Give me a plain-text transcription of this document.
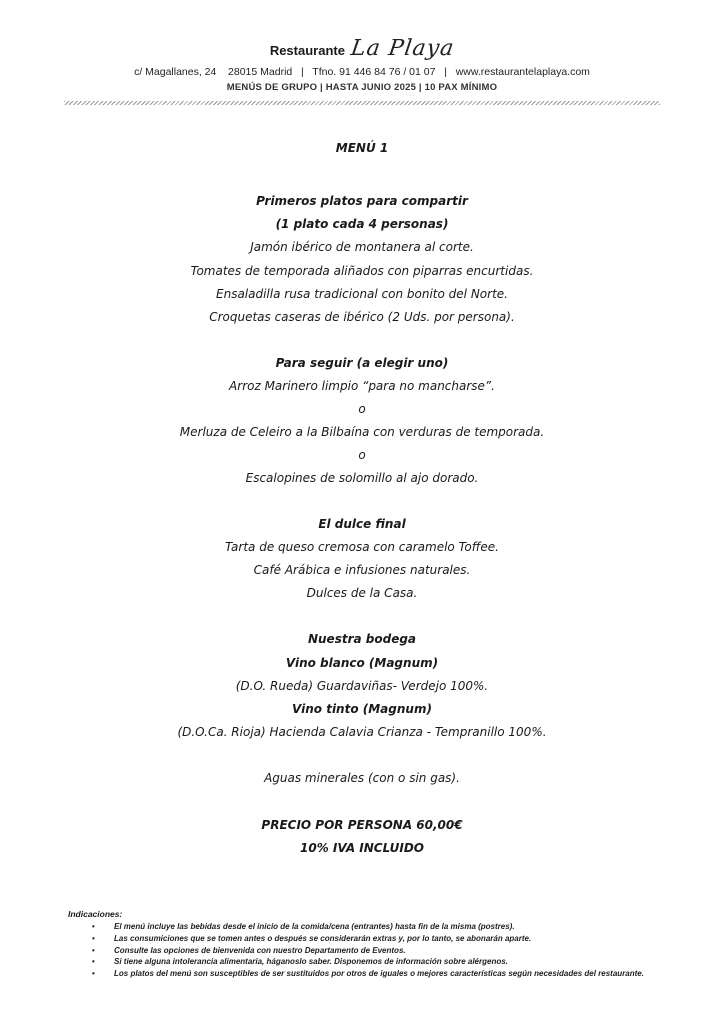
Restaurante La Playa
c/ Magallanes, 24    28015 Madrid   |   Tfno. 91 446 84 76 / 01 07   |   www.restaurantelaplaya.com
MENÚS DE GRUPO | HASTA JUNIO 2025 | 10 PAX MÍNIMO
MENÚ 1
Primeros platos para compartir
(1 plato cada 4 personas)
Jamón ibérico de montanera al corte.
Tomates de temporada aliñados con piparras encurtidas.
Ensaladilla rusa tradicional con bonito del Norte.
Croquetas caseras de ibérico (2 Uds. por persona).
Para seguir (a elegir uno)
Arroz Marinero limpio “para no mancharse”.
o
Merluza de Celeiro a la Bilbaína con verduras de temporada.
o
Escalopines de solomillo al ajo dorado.
El dulce final
Tarta de queso cremosa con caramelo Toffee.
Café Arábica e infusiones naturales.
Dulces de la Casa.
Nuestra bodega
Vino blanco (Magnum)
(D.O. Rueda) Guardaviñas- Verdejo 100%.
Vino tinto (Magnum)
(D.O.Ca. Rioja) Hacienda Calavia Crianza - Tempranillo 100%.
Aguas minerales (con o sin gas).
PRECIO POR PERSONA 60,00€
10% IVA INCLUIDO
Indicaciones:
• El menú incluye las bebidas desde el inicio de la comida/cena (entrantes) hasta fin de la misma (postres).
• Las consumiciones que se tomen antes o después se considerarán extras y, por lo tanto, se abonarán aparte.
• Consulte las opciones de bienvenida con nuestro Departamento de Eventos.
• Si tiene alguna intolerancia alimentaria, háganoslo saber. Disponemos de información sobre alérgenos.
• Los platos del menú son susceptibles de ser sustituidos por otros de iguales o mejores características según necesidades del restaurante.
